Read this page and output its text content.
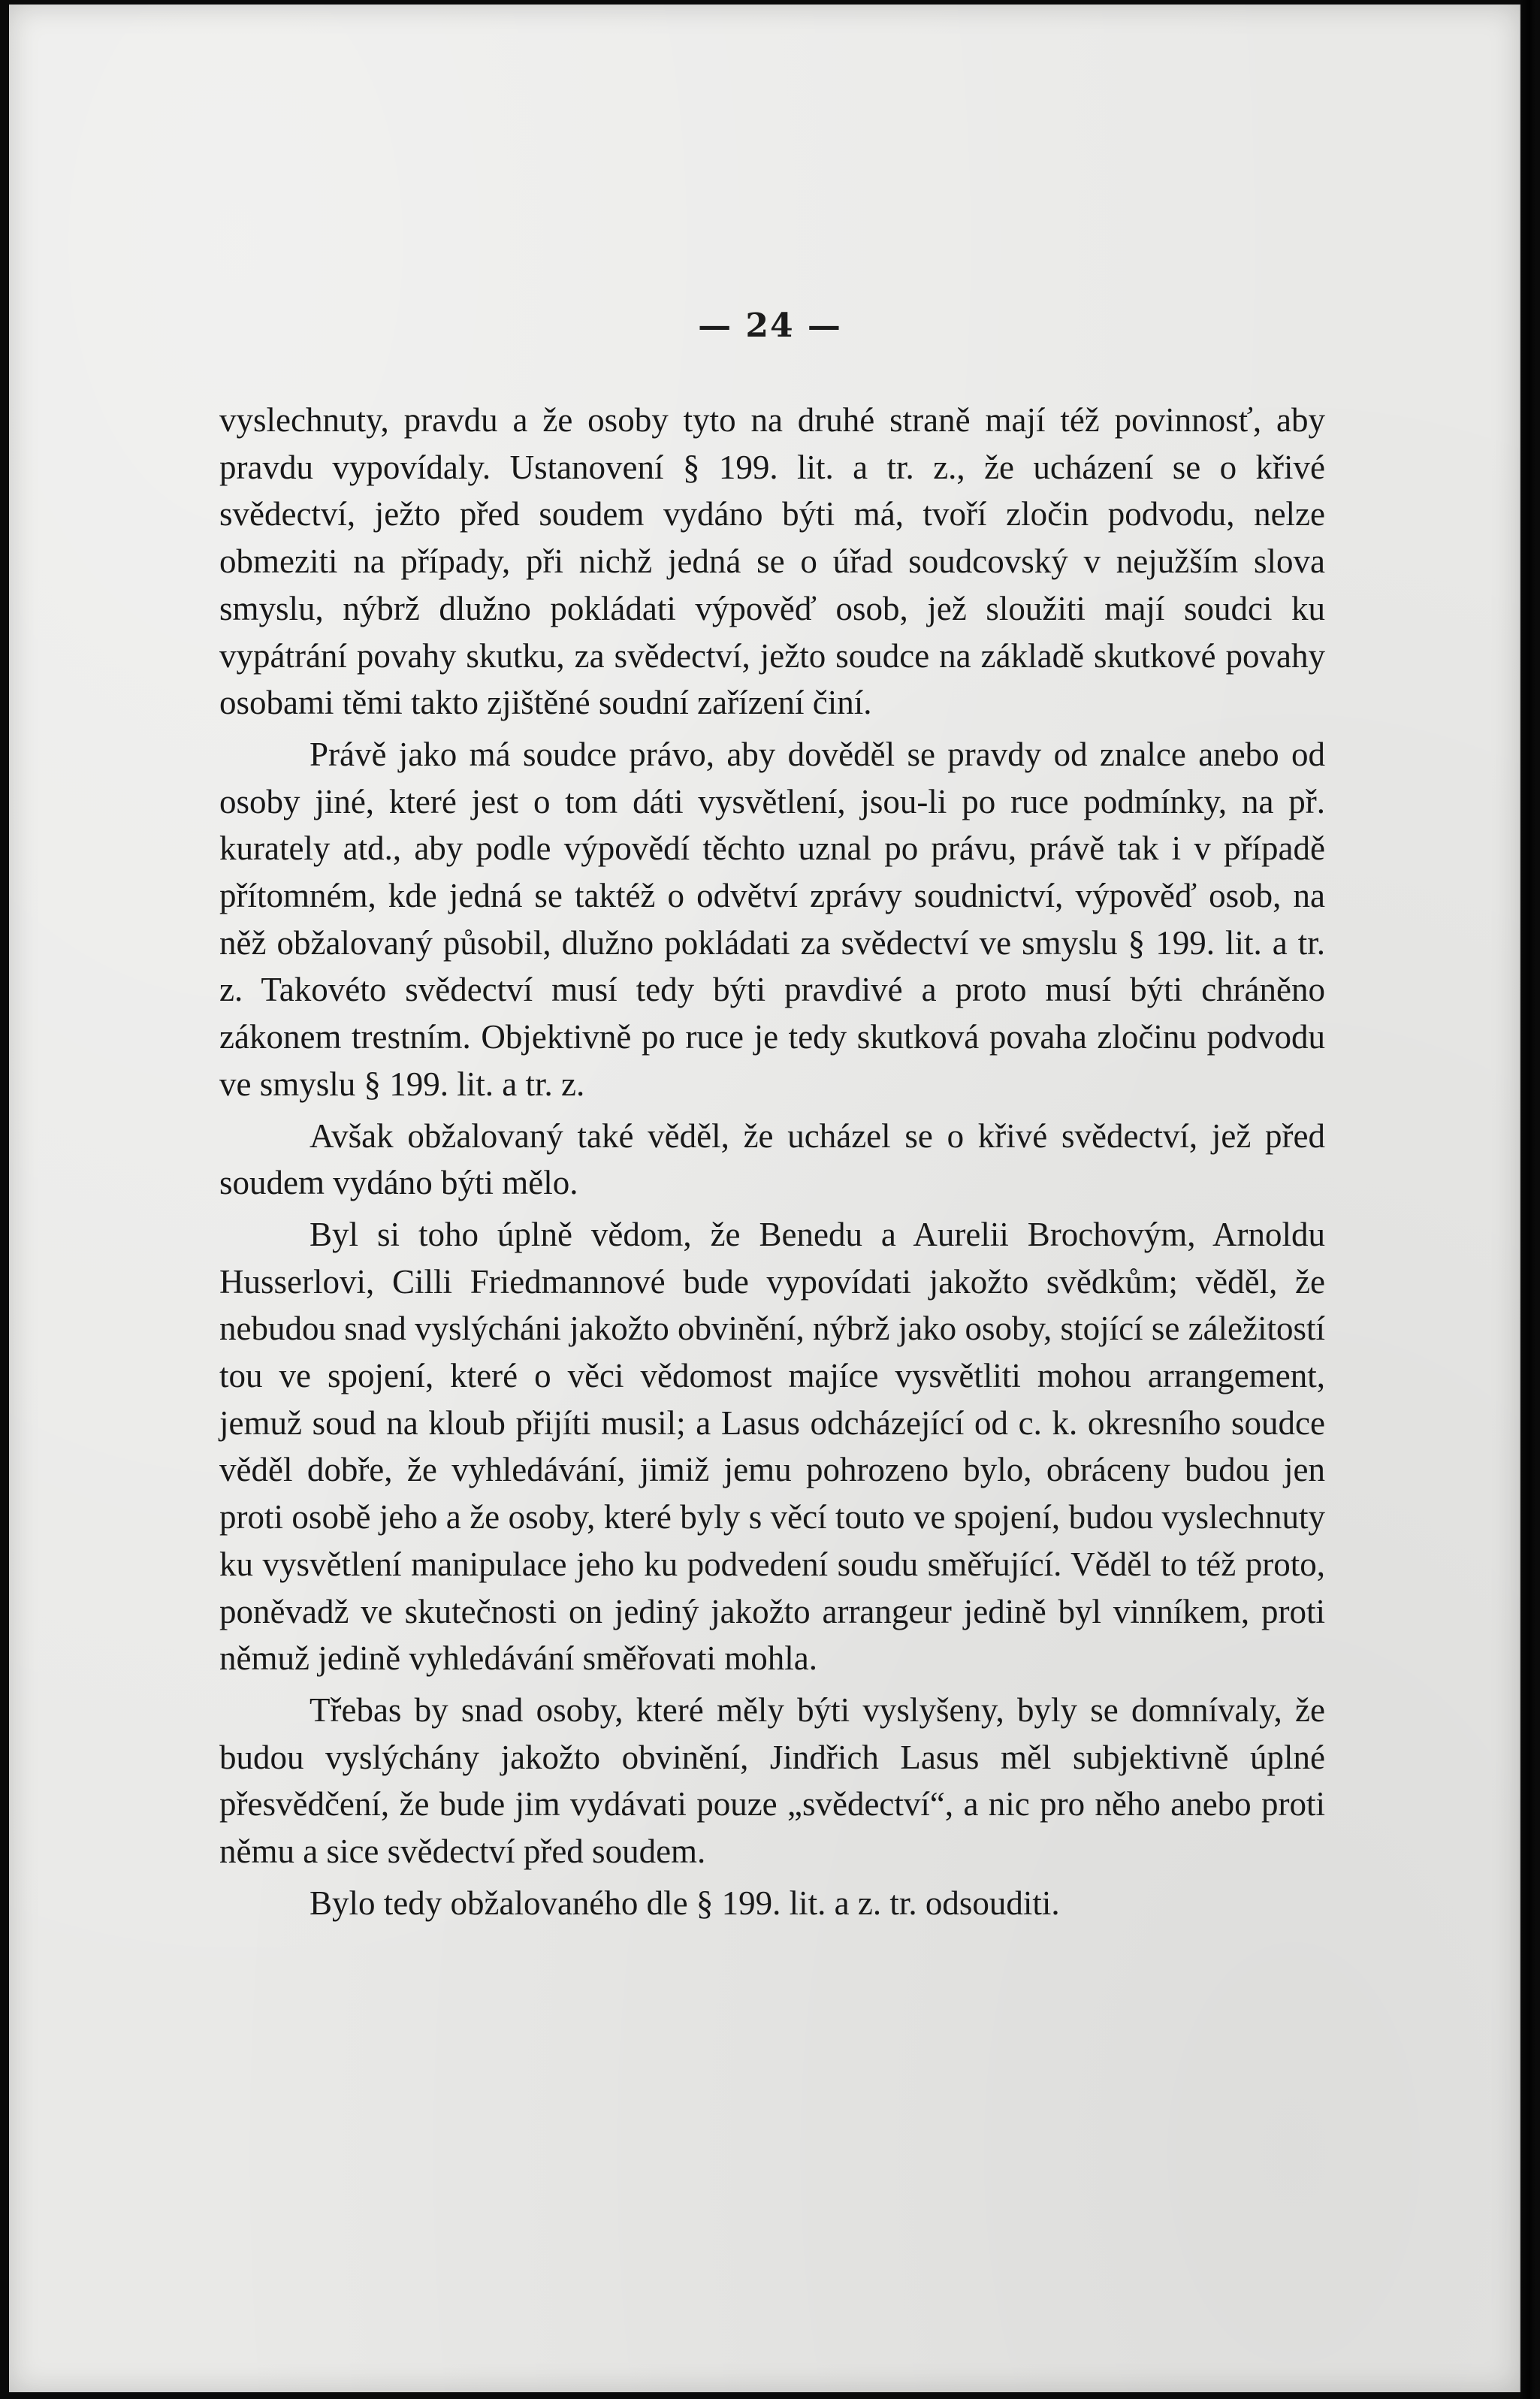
— 24 —

vyslechnuty, pravdu a že osoby tyto na druhé straně mají též povinnosť, aby pravdu vypovídaly. Ustanovení § 199. lit. a tr. z., že ucházení se o křivé svědectví, ježto před soudem vydáno býti má, tvoří zločin podvodu, nelze obmeziti na případy, při nichž jedná se o úřad soudcovský v nejužším slova smyslu, nýbrž dlužno pokládati výpověď osob, jež sloužiti mají soudci ku vypátrání povahy skutku, za svědectví, ježto soudce na základě skutkové povahy osobami těmi takto zjištěné soudní zařízení činí.

Právě jako má soudce právo, aby dověděl se pravdy od znalce anebo od osoby jiné, které jest o tom dáti vysvětlení, jsou-li po ruce podmínky, na př. kurately atd., aby podle výpovědí těchto uznal po právu, právě tak i v případě přítomném, kde jedná se taktéž o odvětví zprávy soudnictví, výpověď osob, na něž obžalovaný působil, dlužno pokládati za svědectví ve smyslu § 199. lit. a tr. z. Takovéto svědectví musí tedy býti pravdivé a proto musí býti chráněno zákonem trestním. Objektivně po ruce je tedy skutková povaha zločinu podvodu ve smyslu § 199. lit. a tr. z.

Avšak obžalovaný také věděl, že ucházel se o křivé svědectví, jež před soudem vydáno býti mělo.

Byl si toho úplně vědom, že Benedu a Aurelii Brochovým, Arnoldu Husserlovi, Cilli Friedmannové bude vypovídati jakožto svědkům; věděl, že nebudou snad vyslýcháni jakožto obvinění, nýbrž jako osoby, stojící se záležitostí tou ve spojení, které o věci vědomost majíce vysvětliti mohou arrangement, jemuž soud na kloub přijíti musil; a Lasus odcházející od c. k. okresního soudce věděl dobře, že vyhledávání, jimiž jemu pohrozeno bylo, obráceny budou jen proti osobě jeho a že osoby, které byly s věcí touto ve spojení, budou vyslechnuty ku vysvětlení manipulace jeho ku podvedení soudu směřující. Věděl to též proto, poněvadž ve skutečnosti on jediný jakožto arrangeur jedině byl vinníkem, proti němuž jedině vyhledávání směřovati mohla.

Třebas by snad osoby, které měly býti vyslyšeny, byly se domnívaly, že budou vyslýchány jakožto obvinění, Jindřich Lasus měl subjektivně úplné přesvědčení, že bude jim vydávati pouze „svědectví“, a nic pro něho anebo proti němu a sice svědectví před soudem.

Bylo tedy obžalovaného dle § 199. lit. a z. tr. odsouditi.
